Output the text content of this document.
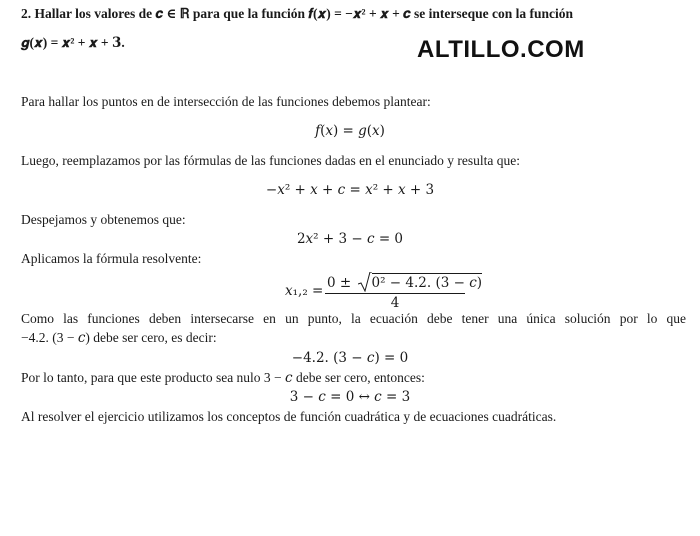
2. Hallar los valores de 𝒄 ∈ ℝ para que la función 𝒇(𝒙) = −𝒙² + 𝒙 + 𝒄 se interseque con la función
𝒈(𝒙) = 𝒙² + 𝒙 + 𝟑.	ALTILLO.COM
Para hallar los puntos en de intersección de las funciones debemos plantear:
𝑓(𝑥) = 𝑔(𝑥)
Luego, reemplazamos por las fórmulas de las funciones dadas en el enunciado y resulta que:
−𝑥² + 𝑥 + 𝑐 = 𝑥² + 𝑥 + 3
Despejamos y obtenemos que:
2𝑥² + 3 − 𝑐 = 0
Aplicamos la fórmula resolvente:
𝑥₁,₂ = 0 ± 0² − 4.2. (3 − 𝑐)
4
Como las funciones deben intersecarse en un punto, la ecuación debe tener una única solución por lo que
−4.2. (3 − 𝑐) debe ser cero, es decir:
−4.2. (3 − 𝑐) = 0
Por lo tanto, para que este producto sea nulo 3 − 𝑐 debe ser cero, entonces:
3 − 𝑐 = 0 ↔ 𝑐 = 3
Al resolver el ejercicio utilizamos los conceptos de función cuadrática y de ecuaciones cuadráticas.
